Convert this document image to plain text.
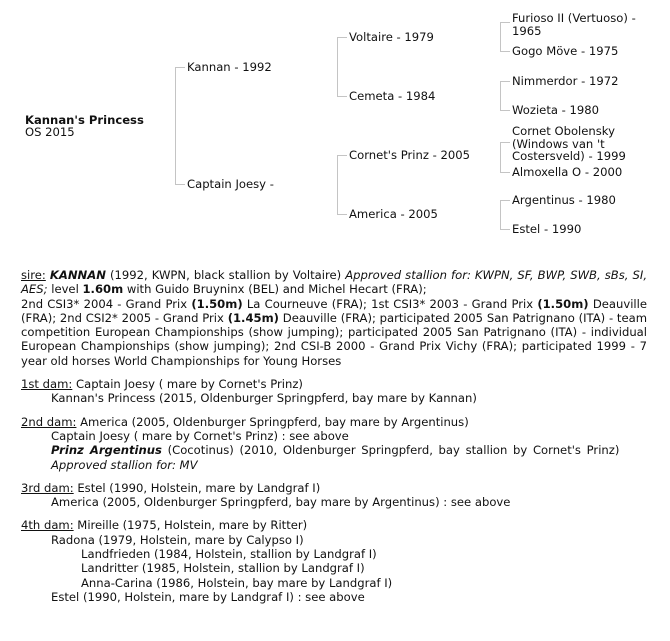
Kannan's Princess
OS 2015
Kannan - 1992
Captain Joesy -
Voltaire - 1979
Cemeta - 1984
Cornet's Prinz - 2005
America - 2005
Furioso II (Vertuoso) - 1965
Gogo Möve - 1975
Nimmerdor - 1972
Wozieta - 1980
Cornet Obolensky (Windows van 't Costersveld) - 1999
Almoxella O - 2000
Argentinus - 1980
Estel - 1990

sire: KANNAN (1992, KWPN, black stallion by Voltaire) Approved stallion for: KWPN, SF, BWP, SWB, sBs, SI, AES; level 1.60m with Guido Bruyninx (BEL) and Michel Hecart (FRA);
2nd CSI3* 2004 - Grand Prix (1.50m) La Courneuve (FRA); 1st CSI3* 2003 - Grand Prix (1.50m) Deauville (FRA); 2nd CSI2* 2005 - Grand Prix (1.45m) Deauville (FRA); participated 2005 San Patrignano (ITA) - team competition European Championships (show jumping); participated 2005 San Patrignano (ITA) - individual European Championships (show jumping); 2nd CSI-B 2000 - Grand Prix Vichy (FRA); participated 1999 - 7 year old horses World Championships for Young Horses

1st dam: Captain Joesy ( mare by Cornet's Prinz)
Kannan's Princess (2015, Oldenburger Springpferd, bay mare by Kannan)
2nd dam: America (2005, Oldenburger Springpferd, bay mare by Argentinus)
Captain Joesy ( mare by Cornet's Prinz) : see above
Prinz Argentinus (Cocotinus) (2010, Oldenburger Springpferd, bay stallion by Cornet's Prinz)
Approved stallion for: MV
3rd dam: Estel (1990, Holstein, mare by Landgraf I)
America (2005, Oldenburger Springpferd, bay mare by Argentinus) : see above
4th dam: Mireille (1975, Holstein, mare by Ritter)
Radona (1979, Holstein, mare by Calypso I)
Landfrieden (1984, Holstein, stallion by Landgraf I)
Landritter (1985, Holstein, stallion by Landgraf I)
Anna-Carina (1986, Holstein, bay mare by Landgraf I)
Estel (1990, Holstein, mare by Landgraf I) : see above
